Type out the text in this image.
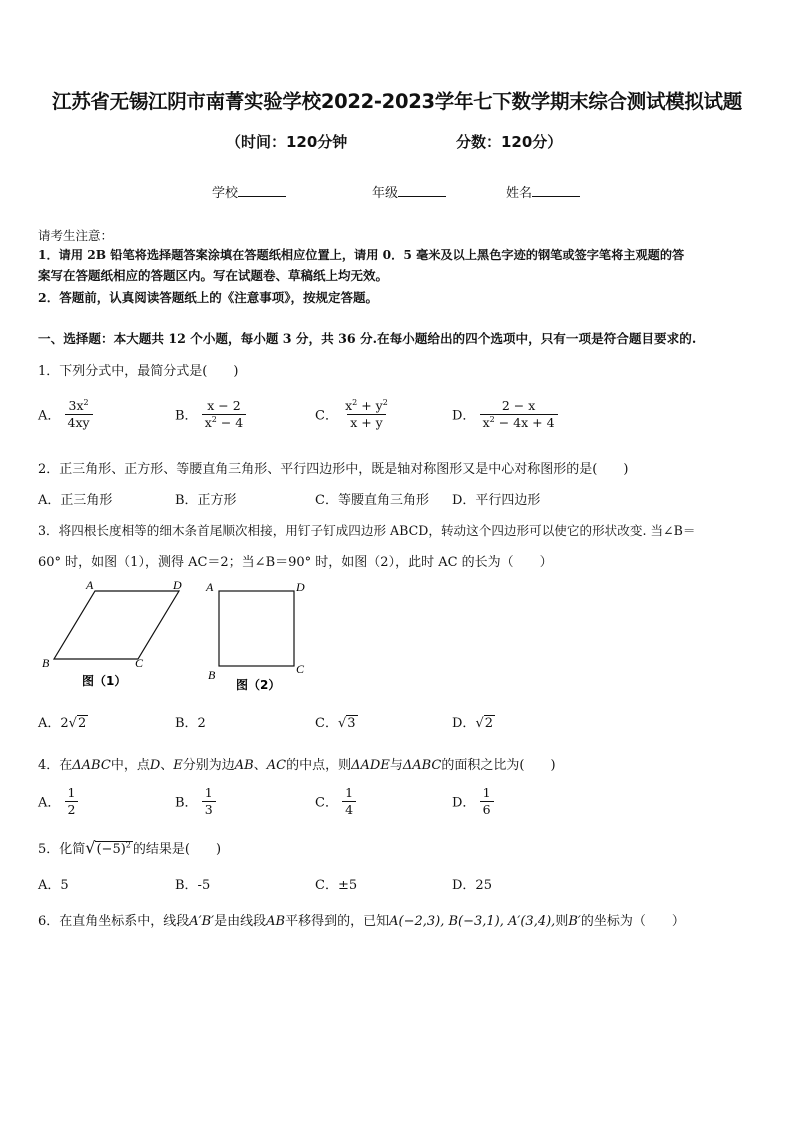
江苏省无锡江阴市南菁实验学校2022-2023学年七下数学期末综合测试模拟试题
（时间：120分钟	分数：120分）
学校	年级	姓名
请考生注意：
1．请用 2B 铅笔将选择题答案涂填在答题纸相应位置上，请用 0．5 毫米及以上黑色字迹的钢笔或签字笔将主观题的答
案写在答题纸相应的答题区内。写在试题卷、草稿纸上均无效。
2．答题前，认真阅读答题纸上的《注意事项》，按规定答题。
一、选择题：本大题共 12 个小题，每小题 3 分，共 36 分.在每小题给出的四个选项中，只有一项是符合题目要求的.
1．下列分式中，最简分式是(　　)
A． $\frac{3x^2}{4xy}$	B． $\frac{x - 2}{x^2 - 4}$	C． $\frac{x^2 + y^2}{x + y}$	D． $\frac{2 - x}{x^2 - 4x + 4}$
2．正三角形、正方形、等腰直角三角形、平行四边形中，既是轴对称图形又是中心对称图形的是(　　)
A．正三角形	B．正方形	C．等腰直角三角形 D．平行四边形
3．将四根长度相等的细木条首尾顺次相接，用钉子钉成四边形 ABCD，转动这个四边形可以使它的形状改变. 当∠B＝
60° 时，如图（1），测得 AC＝2；当∠B＝90° 时，如图（2），此时 AC 的长为（　　）
A	D
B	C
图（1）
A	D
B	C
图（2）
A．2√2	B．2	C．√3	D．√2
4．在ΔABC中，点D、E分别为边AB、AC的中点，则ΔADE与ΔABC的面积之比为(　　)
A． $\frac{1}{2}$	B． $\frac{1}{3}$	C． $\frac{1}{4}$	D． $\frac{1}{6}$
5．化简$√(-5)^2$ 的结果是(　　)
A．5	B．-5	C．±5	D．25
6．在直角坐标系中，线段A′B′是由线段AB平移得到的，已知A(−2,3), B(−3,1), A′(3,4),则B′的坐标为（　　）
